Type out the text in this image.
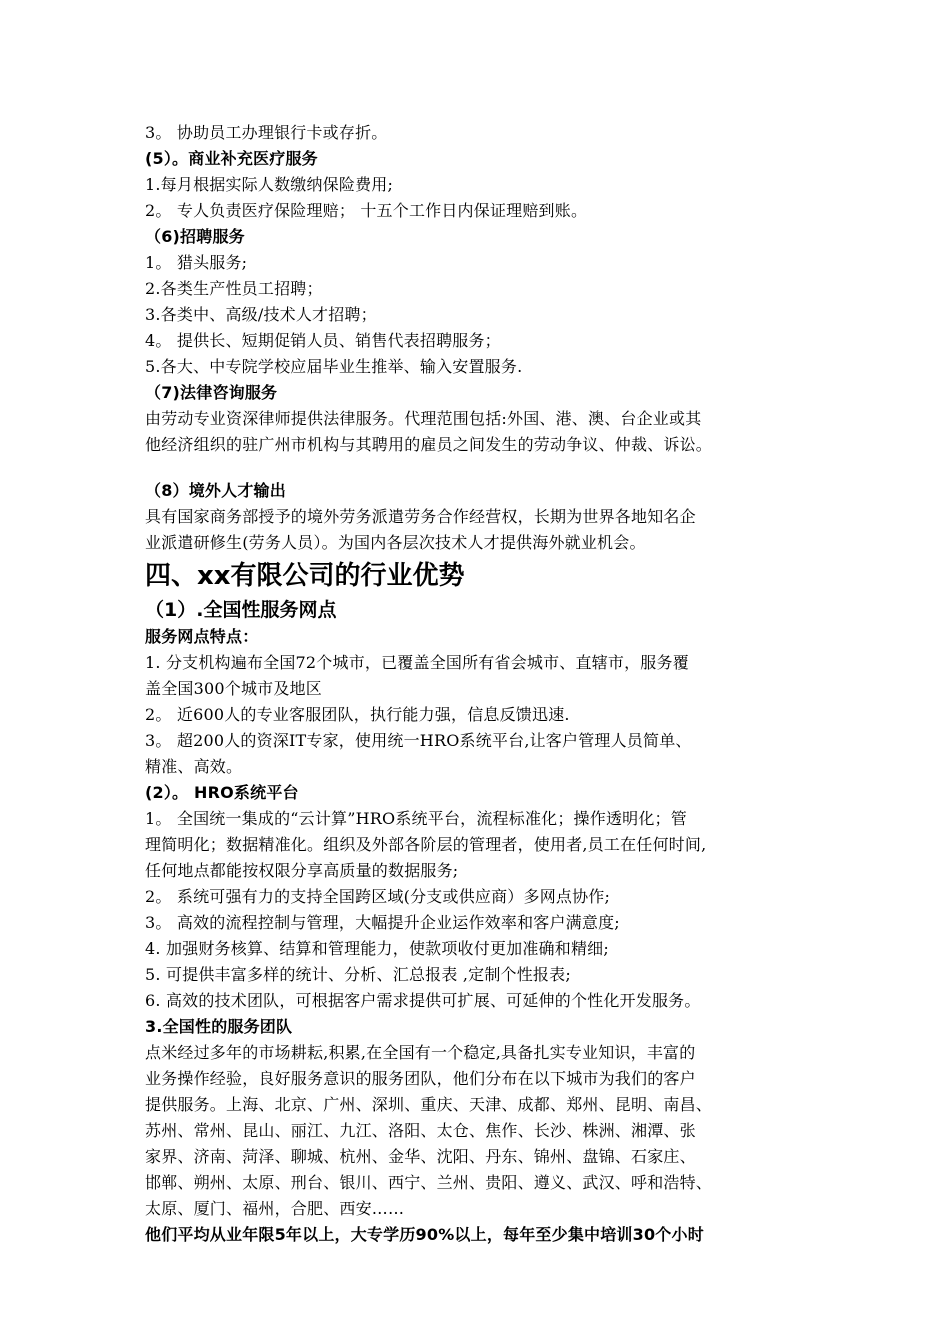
3。 协助员工办理银行卡或存折。
(5）。商业补充医疗服务
1.每月根据实际人数缴纳保险费用;
2。 专人负责医疗保险理赔； 十五个工作日内保证理赔到账。
（6)招聘服务
1。 猎头服务;
2.各类生产性员工招聘；
3.各类中、高级/技术人才招聘；
4。 提供长、短期促销人员、销售代表招聘服务；
5.各大、中专院学校应届毕业生推举、输入安置服务.
（7)法律咨询服务
由劳动专业资深律师提供法律服务。代理范围包括:外国、港、澳、台企业或其
他经济组织的驻广州市机构与其聘用的雇员之间发生的劳动争议、仲裁、诉讼。
（8）境外人才输出
具有国家商务部授予的境外劳务派遣劳务合作经营权，长期为世界各地知名企
业派遣研修生(劳务人员）。为国内各层次技术人才提供海外就业机会。
四、xx有限公司的行业优势
（1）.全国性服务网点
服务网点特点：
1. 分支机构遍布全国72个城市，已覆盖全国所有省会城市、直辖市，服务覆
盖全国300个城市及地区
2。 近600人的专业客服团队，执行能力强，信息反馈迅速.
3。 超200人的资深IT专家，使用统一HRO系统平台,让客户管理人员简单、
精准、高效。
(2）。 HRO系统平台
1。 全国统一集成的“云计算”HRO系统平台，流程标准化；操作透明化；管
理简明化；数据精准化。组织及外部各阶层的管理者，使用者,员工在任何时间,
任何地点都能按权限分享高质量的数据服务;
2。 系统可强有力的支持全国跨区域(分支或供应商）多网点协作;
3。 高效的流程控制与管理，大幅提升企业运作效率和客户满意度;
4. 加强财务核算、结算和管理能力，使款项收付更加准确和精细;
5. 可提供丰富多样的统计、分析、汇总报表 ,定制个性报表;
6. 高效的技术团队，可根据客户需求提供可扩展、可延伸的个性化开发服务。
3.全国性的服务团队
点米经过多年的市场耕耘,积累,在全国有一个稳定,具备扎实专业知识，丰富的
业务操作经验，良好服务意识的服务团队，他们分布在以下城市为我们的客户
提供服务。上海、北京、广州、深圳、重庆、天津、成都、郑州、昆明、南昌、
苏州、常州、昆山、丽江、九江、洛阳、太仓、焦作、长沙、株洲、湘潭、张
家界、济南、菏泽、聊城、杭州、金华、沈阳、丹东、锦州、盘锦、石家庄、
邯郸、朔州、太原、刑台、银川、西宁、兰州、贵阳、遵义、武汉、呼和浩特、
太原、厦门、福州，合肥、西安……
他们平均从业年限5年以上，大专学历90%以上，每年至少集中培训30个小时
